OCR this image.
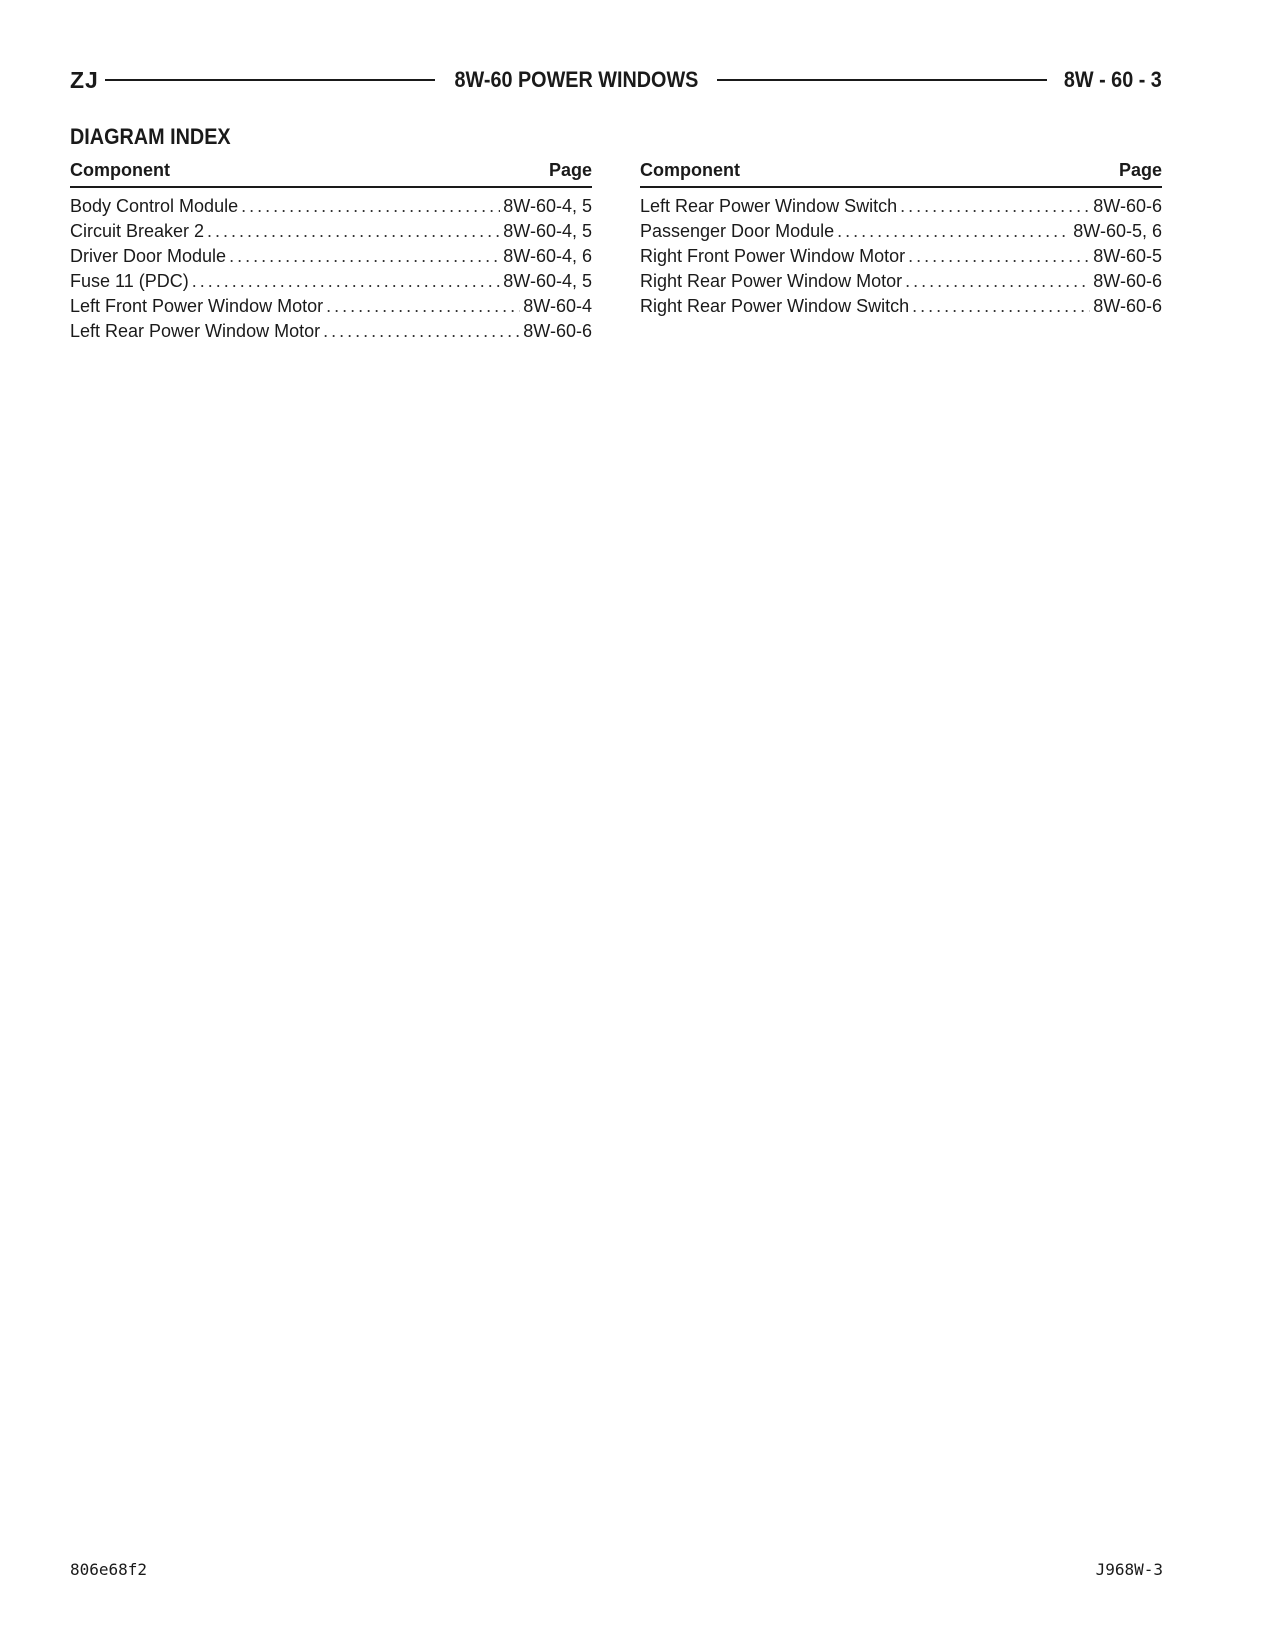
ZJ	8W-60 POWER WINDOWS	8W - 60 - 3
DIAGRAM INDEX
Component	Page
Body Control Module .....	8W-60-4, 5
Circuit Breaker 2 .....	8W-60-4, 5
Driver Door Module .....	8W-60-4, 6
Fuse 11 (PDC) .....	8W-60-4, 5
Left Front Power Window Motor .....	8W-60-4
Left Rear Power Window Motor .....	8W-60-6
Component	Page
Left Rear Power Window Switch .....	8W-60-6
Passenger Door Module .....	8W-60-5, 6
Right Front Power Window Motor .....	8W-60-5
Right Rear Power Window Motor .....	8W-60-6
Right Rear Power Window Switch .....	8W-60-6
806e68f2	J968W-3
